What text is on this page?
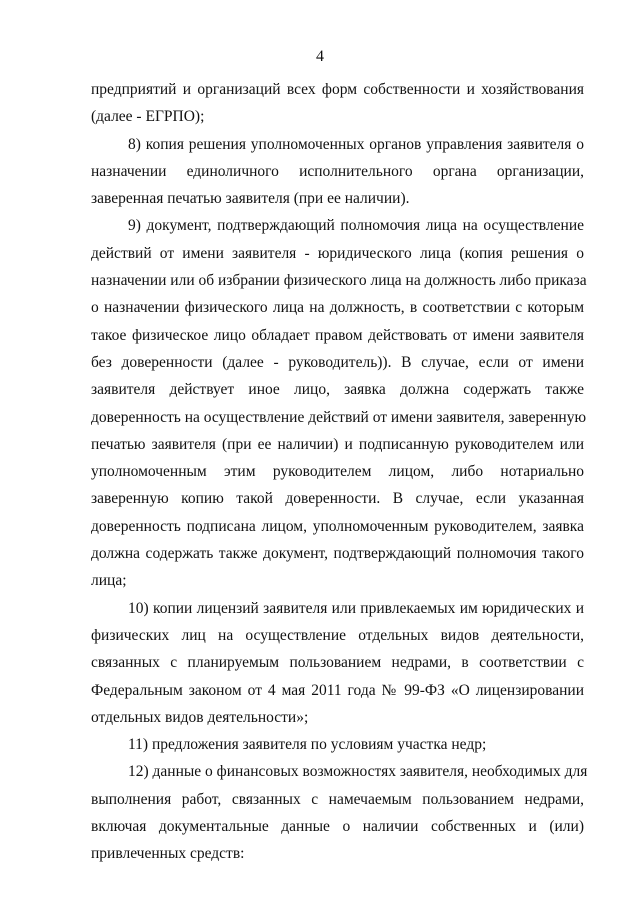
4
предприятий и организаций всех форм собственности и хозяйствования
(далее - ЕГРПО);
8) копия решения уполномоченных органов управления заявителя о
назначении единоличного исполнительного органа организации,
заверенная печатью заявителя (при ее наличии).
9) документ, подтверждающий полномочия лица на осуществление
действий от имени заявителя - юридического лица (копия решения о
назначении или об избрании физического лица на должность либо приказа
о назначении физического лица на должность, в соответствии с которым
такое физическое лицо обладает правом действовать от имени заявителя
без доверенности (далее - руководитель)). В случае, если от имени
заявителя действует иное лицо, заявка должна содержать также
доверенность на осуществление действий от имени заявителя, заверенную
печатью заявителя (при ее наличии) и подписанную руководителем или
уполномоченным этим руководителем лицом, либо нотариально
заверенную копию такой доверенности. В случае, если указанная
доверенность подписана лицом, уполномоченным руководителем, заявка
должна содержать также документ, подтверждающий полномочия такого
лица;
10) копии лицензий заявителя или привлекаемых им юридических и
физических лиц на осуществление отдельных видов деятельности,
связанных с планируемым пользованием недрами, в соответствии с
Федеральным законом от 4 мая 2011 года № 99-ФЗ «О лицензировании
отдельных видов деятельности»;
11) предложения заявителя по условиям участка недр;
12) данные о финансовых возможностях заявителя, необходимых для
выполнения работ, связанных с намечаемым пользованием недрами,
включая документальные данные о наличии собственных и (или)
привлеченных средств:
